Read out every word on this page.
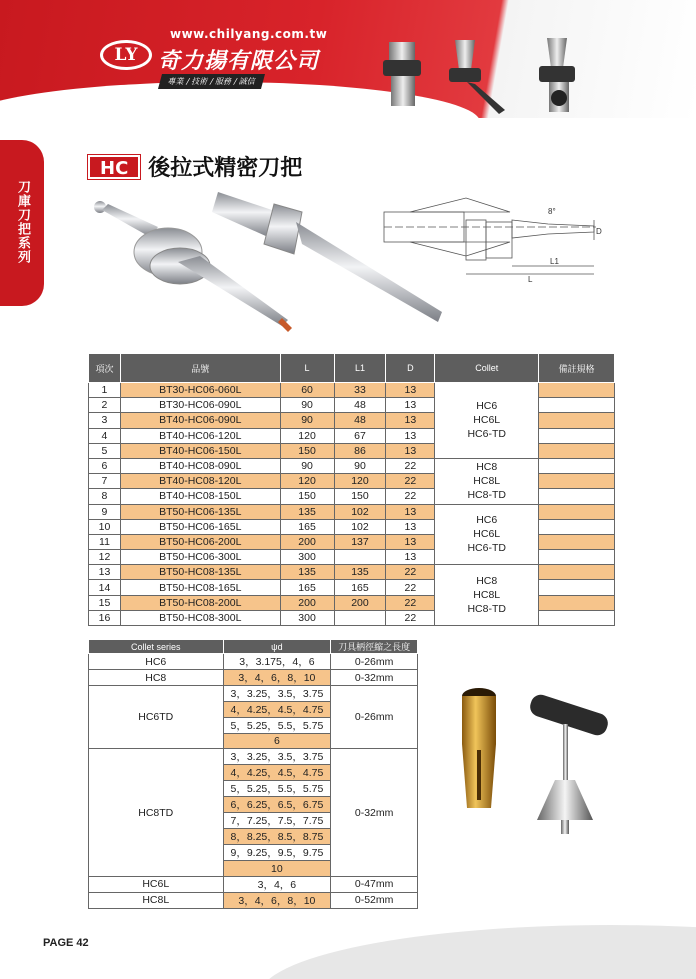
LY
www.chilyang.com.tw
奇力揚有限公司
專業 / 技術 / 服務 / 誠信
刀庫刀把系列
HC 後拉式精密刀把
8°
D
L1
L
項次	品號	L	L1	D	Collet	備註規格
1	BT30-HC06-060L	60	33	13	HC6
HC6L
HC6-TD	
2	BT30-HC06-090L	90	48	13		
3	BT40-HC06-090L	90	48	13		
4	BT40-HC06-120L	120	67	13		
5	BT40-HC06-150L	150	86	13		
6	BT40-HC08-090L	90	90	22	HC8
HC8L
HC8-TD	
7	BT40-HC08-120L	120	120	22		
8	BT40-HC08-150L	150	150	22		
9	BT50-HC06-135L	135	102	13	HC6
HC6L
HC6-TD	
10	BT50-HC06-165L	165	102	13		
11	BT50-HC06-200L	200	137	13		
12	BT50-HC06-300L	300		13		
13	BT50-HC08-135L	135	135	22	HC8
HC8L
HC8-TD	
14	BT50-HC08-165L	165	165	22		
15	BT50-HC08-200L	200	200	22		
16	BT50-HC08-300L	300		22		
Collet series	ψd	刀具柄徑縮之長度
HC6	3，3.175，4，6	0-26mm
HC8	3，4，6，8，10	0-32mm
HC6TD	3，3.25，3.5，3.75	0-26mm
	4，4.25，4.5，4.75	
	5，5.25，5.5，5.75	
	6	
HC8TD	3，3.25，3.5，3.75	0-32mm
	4，4.25，4.5，4.75	
	5，5.25，5.5，5.75	
	6，6.25，6.5，6.75	
	7，7.25，7.5，7.75	
	8，8.25，8.5，8.75	
	9，9.25，9.5，9.75	
	10	
HC6L	3，4，6	0-47mm
HC8L	3，4，6，8，10	0-52mm
PAGE 42
